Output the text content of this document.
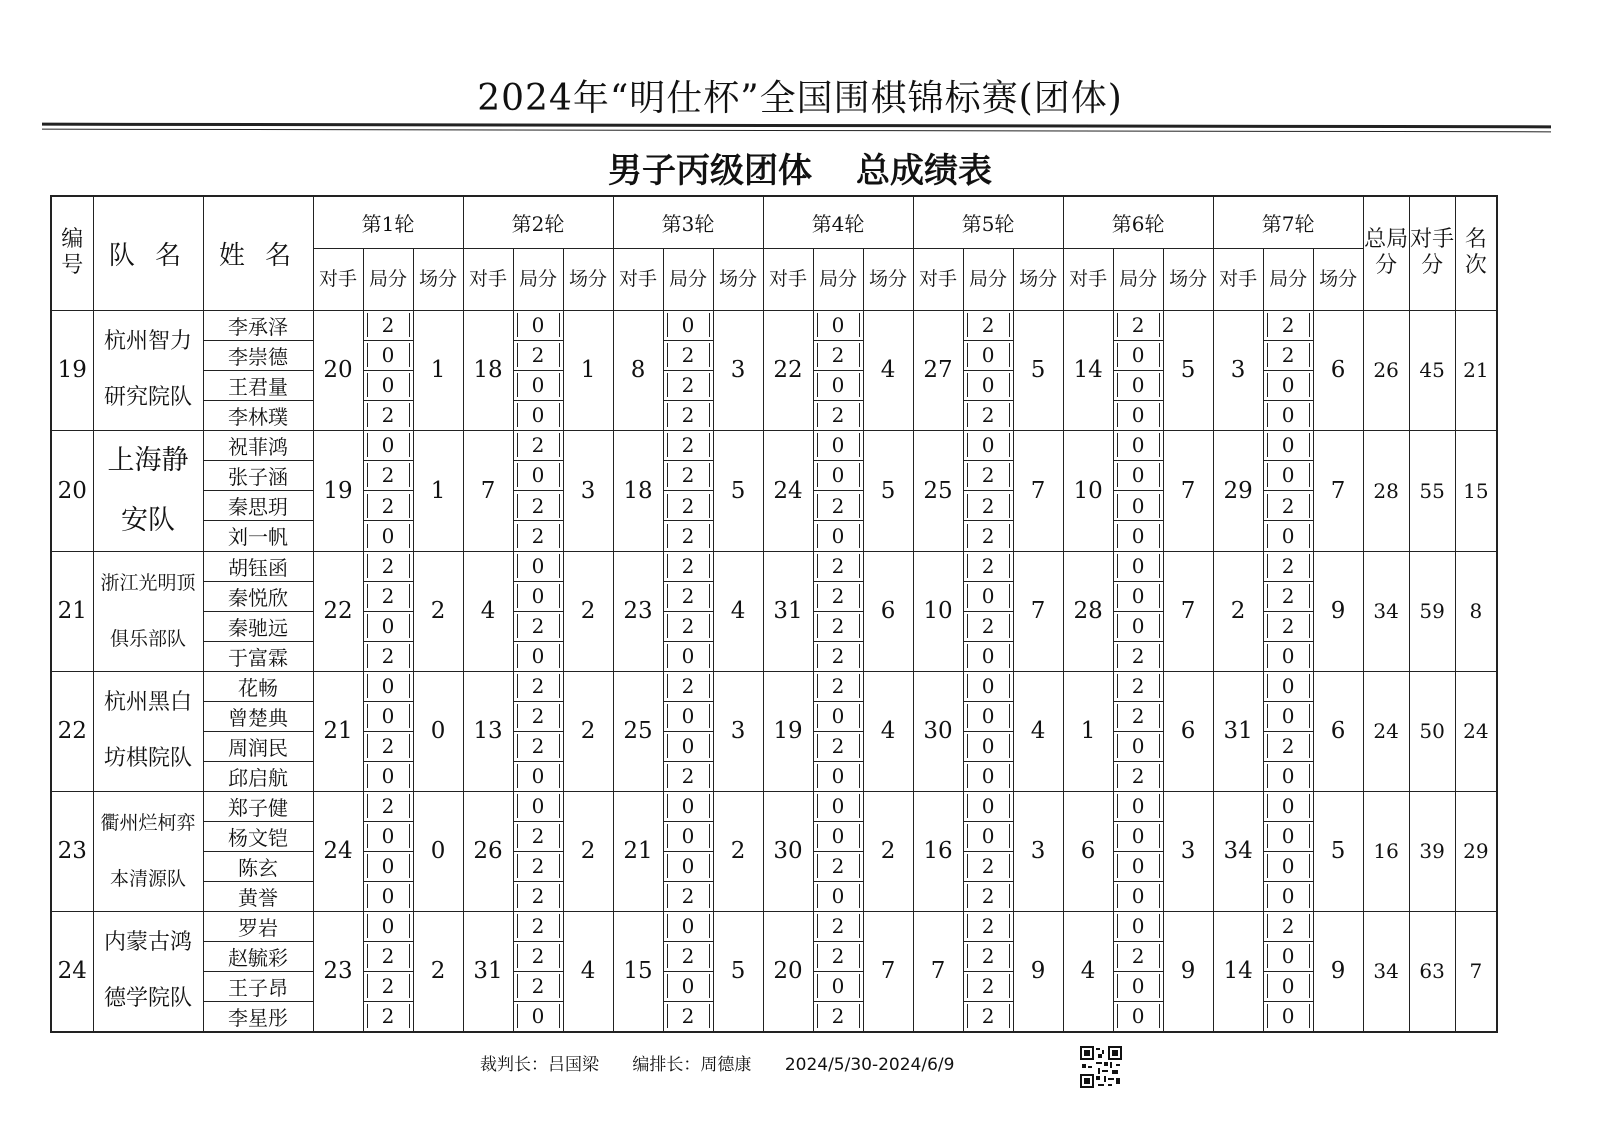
2024年“明仕杯”全国围棋锦标赛(团体)
男子丙级团体 总成绩表
编号	队 名	姓 名	第1轮			第2轮			第3轮			第4轮			第5轮			第6轮			第7轮			总局分	对手分	名次
			对手	局分	场分	对手	局分	场分	对手	局分	场分	对手	局分	场分	对手	局分	场分	对手	局分	场分	对手	局分	场分			
19	杭州智力
研究院队	李承泽	20	2	1	18	0	1	8	0	3	22	0	4	27	2	5	14	2	5	3	2	6	26	45	21
		李崇德		0			2			2			2			0			0			2				

		王君量		0			0			2			0			0			0			0				

		李林璞		2			0			2			2			2			0			0				

20	上海静
安队	祝菲鸿	19	0	1	7	2	3	18	2	5	24	0	5	25	0	7	10	0	7	29	0	7	28	55	15
		张子涵		2			0			2			0			2			0			0				

		秦思玥		2			2			2			2			2			0			2				

		刘一帆		0			2			2			0			2			0			0				

21	浙江光明顶
俱乐部队	胡钰函	22	2	2	4	0	2	23	2	4	31	2	6	10	2	7	28	0	7	2	2	9	34	59	8
		秦悦欣		2			0			2			2			0			0			2				

		秦驰远		0			2			2			2			2			0			2				

		于富霖		2			0			0			2			0			2			0				

22	杭州黑白
坊棋院队	花畅	21	0	0	13	2	2	25	2	3	19	2	4	30	0	4	1	2	6	31	0	6	24	50	24
		曾楚典		0			2			0			0			0			2			0				

		周润民		2			2			0			2			0			0			2				

		邱启航		0			0			2			0			0			2			0				

23	衢州烂柯弈
本清源队	郑子健	24	2	0	26	0	2	21	0	2	30	0	2	16	0	3	6	0	3	34	0	5	16	39	29
		杨文铠		0			2			0			0			0			0			0				

		陈玄		0			2			0			2			2			0			0				

		黄誉		0			2			2			0			2			0			0				

24	内蒙古鸿
德学院队	罗岩	23	0	2	31	2	4	15	0	5	20	2	7	7	2	9	4	0	9	14	2	9	34	63	7
		赵毓彩		2			2			2			2			2			2			0				

		王子昂		2			2			0			0			2			0			0				

		李星彤		2			0			2			2			2			0			0				
裁判长：吕国梁 编排长：周德康 2024/5/30-2024/6/9
